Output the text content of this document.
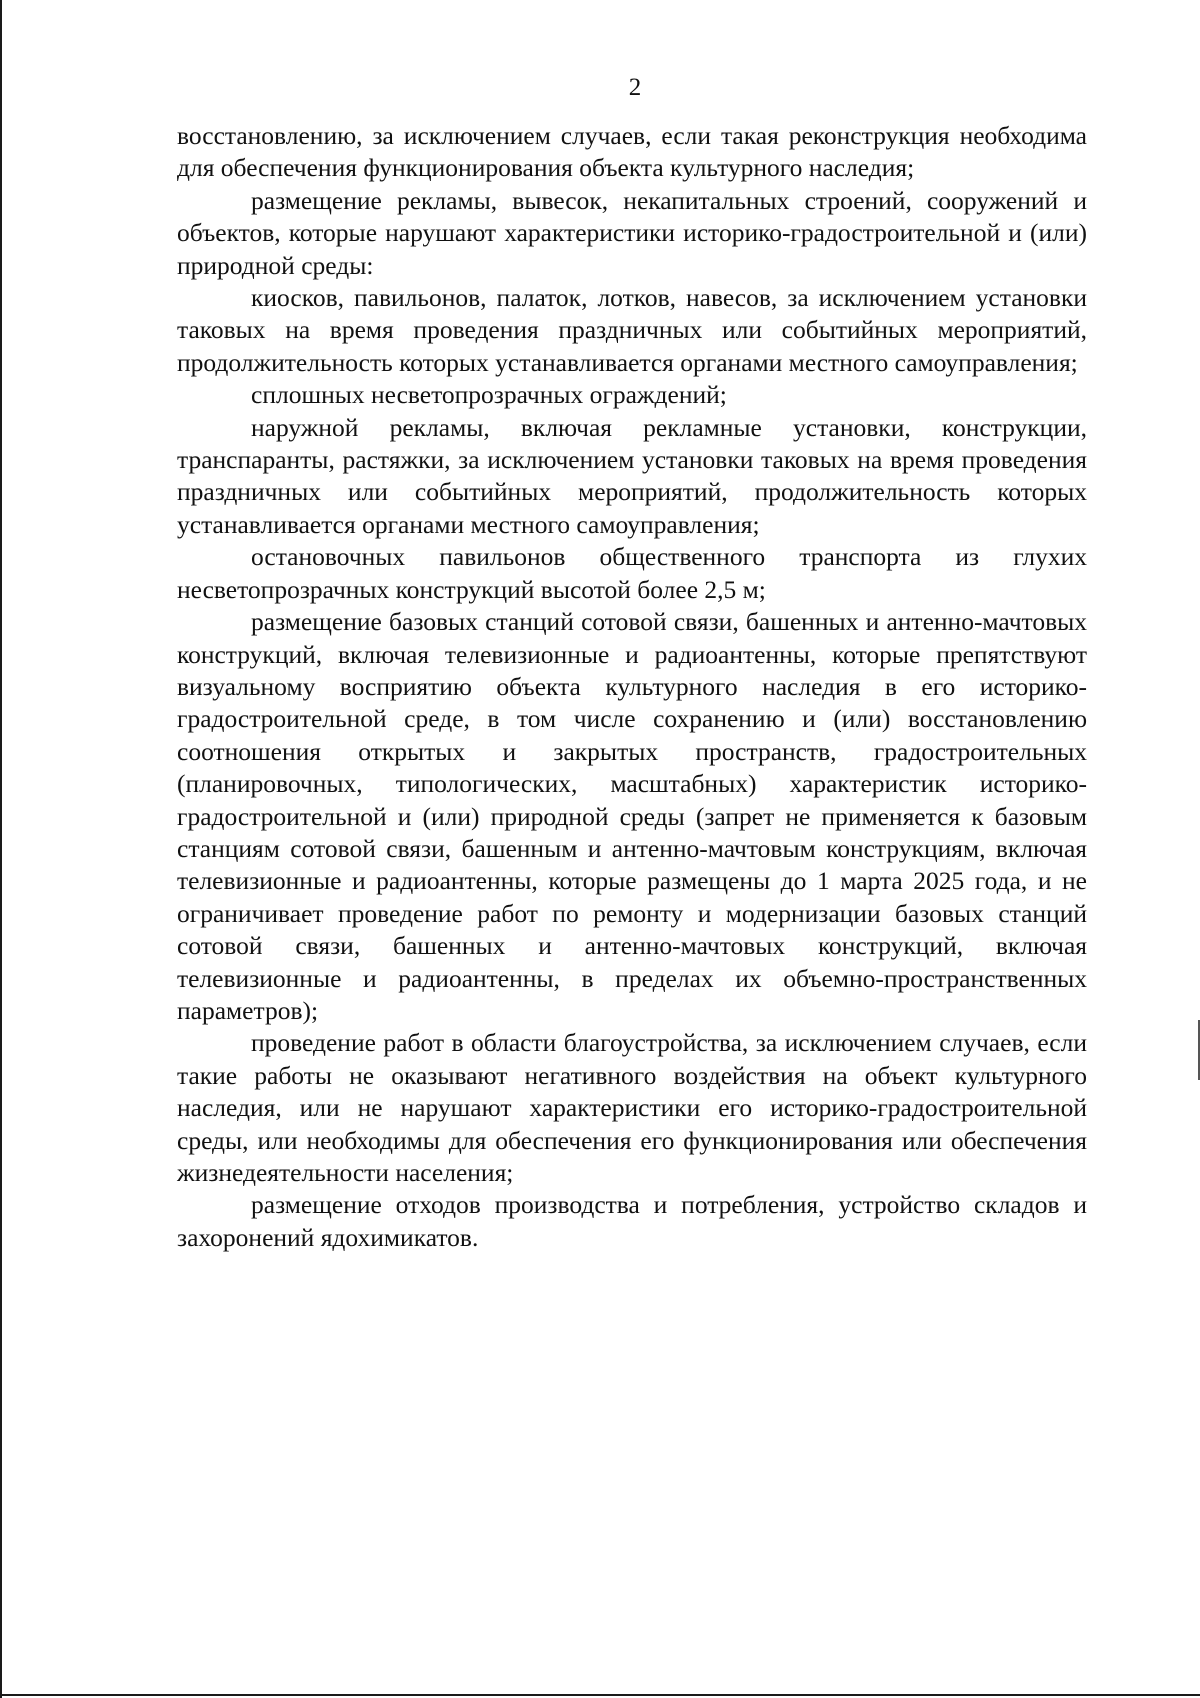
2

восстановлению, за исключением случаев, если такая реконструкция необходима для обеспечения функционирования объекта культурного наследия;

размещение рекламы, вывесок, некапитальных строений, сооружений и объектов, которые нарушают характеристики историко-градостроительной и (или) природной среды:

киосков, павильонов, палаток, лотков, навесов, за исключением установки таковых на время проведения праздничных или событийных мероприятий, продолжительность которых устанавливается органами местного самоуправления;

сплошных несветопрозрачных ограждений;

наружной рекламы, включая рекламные установки, конструкции, транспаранты, растяжки, за исключением установки таковых на время проведения праздничных или событийных мероприятий, продолжительность которых устанавливается органами местного самоуправления;

остановочных павильонов общественного транспорта из глухих несветопрозрачных конструкций высотой более 2,5 м;

размещение базовых станций сотовой связи, башенных и антенно-мачтовых конструкций, включая телевизионные и радиоантенны, которые препятствуют визуальному восприятию объекта культурного наследия в его историко-градостроительной среде, в том числе сохранению и (или) восстановлению соотношения открытых и закрытых пространств, градостроительных (планировочных, типологических, масштабных) характеристик историко-градостроительной и (или) природной среды (запрет не применяется к базовым станциям сотовой связи, башенным и антенно-мачтовым конструкциям, включая телевизионные и радиоантенны, которые размещены до 1 марта 2025 года, и не ограничивает проведение работ по ремонту и модернизации базовых станций сотовой связи, башенных и антенно-мачтовых конструкций, включая телевизионные и радиоантенны, в пределах их объемно-пространственных параметров);

проведение работ в области благоустройства, за исключением случаев, если такие работы не оказывают негативного воздействия на объект культурного наследия, или не нарушают характеристики его историко-градостроительной среды, или необходимы для обеспечения его функционирования или обеспечения жизнедеятельности населения;

размещение отходов производства и потребления, устройство складов и захоронений ядохимикатов.
